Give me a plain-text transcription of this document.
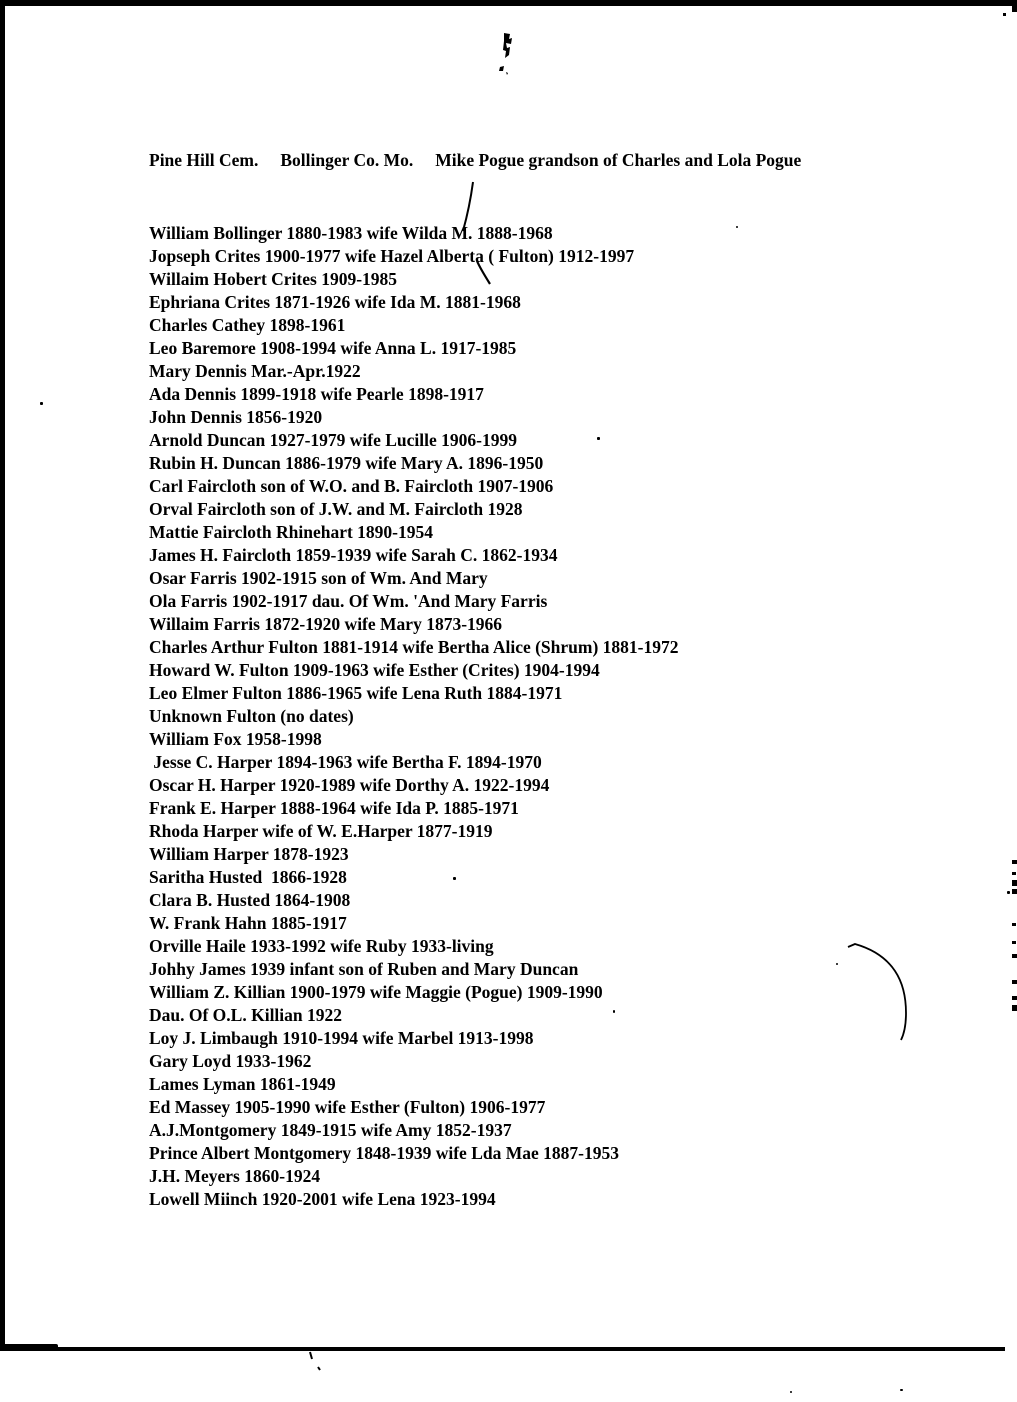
Pine Hill Cem. Bollinger Co. Mo. Mike Pogue grandson of Charles and Lola Pogue
William Bollinger 1880-1983 wife Wilda M. 1888-1968
Jopseph Crites 1900-1977 wife Hazel Alberta ( Fulton) 1912-1997
Willaim Hobert Crites 1909-1985
Ephriana Crites 1871-1926 wife Ida M. 1881-1968
Charles Cathey 1898-1961
Leo Baremore 1908-1994 wife Anna L. 1917-1985
Mary Dennis Mar.-Apr.1922
Ada Dennis 1899-1918 wife Pearle 1898-1917
John Dennis 1856-1920
Arnold Duncan 1927-1979 wife Lucille 1906-1999
Rubin H. Duncan 1886-1979 wife Mary A. 1896-1950
Carl Faircloth son of W.O. and B. Faircloth 1907-1906
Orval Faircloth son of J.W. and M. Faircloth 1928
Mattie Faircloth Rhinehart 1890-1954
James H. Faircloth 1859-1939 wife Sarah C. 1862-1934
Osar Farris 1902-1915 son of Wm. And Mary
Ola Farris 1902-1917 dau. Of Wm. 'And Mary Farris
Willaim Farris 1872-1920 wife Mary 1873-1966
Charles Arthur Fulton 1881-1914 wife Bertha Alice (Shrum) 1881-1972
Howard W. Fulton 1909-1963 wife Esther (Crites) 1904-1994
Leo Elmer Fulton 1886-1965 wife Lena Ruth 1884-1971
Unknown Fulton (no dates)
William Fox 1958-1998
Jesse C. Harper 1894-1963 wife Bertha F. 1894-1970
Oscar H. Harper 1920-1989 wife Dorthy A. 1922-1994
Frank E. Harper 1888-1964 wife Ida P. 1885-1971
Rhoda Harper wife of W. E.Harper 1877-1919
William Harper 1878-1923
Saritha Husted  1866-1928
Clara B. Husted 1864-1908
W. Frank Hahn 1885-1917
Orville Haile 1933-1992 wife Ruby 1933-living
Johhy James 1939 infant son of Ruben and Mary Duncan
William Z. Killian 1900-1979 wife Maggie (Pogue) 1909-1990
Dau. Of O.L. Killian 1922
Loy J. Limbaugh 1910-1994 wife Marbel 1913-1998
Gary Loyd 1933-1962
Lames Lyman 1861-1949
Ed Massey 1905-1990 wife Esther (Fulton) 1906-1977
A.J.Montgomery 1849-1915 wife Amy 1852-1937
Prince Albert Montgomery 1848-1939 wife Lda Mae 1887-1953
J.H. Meyers 1860-1924
Lowell Miinch 1920-2001 wife Lena 1923-1994
